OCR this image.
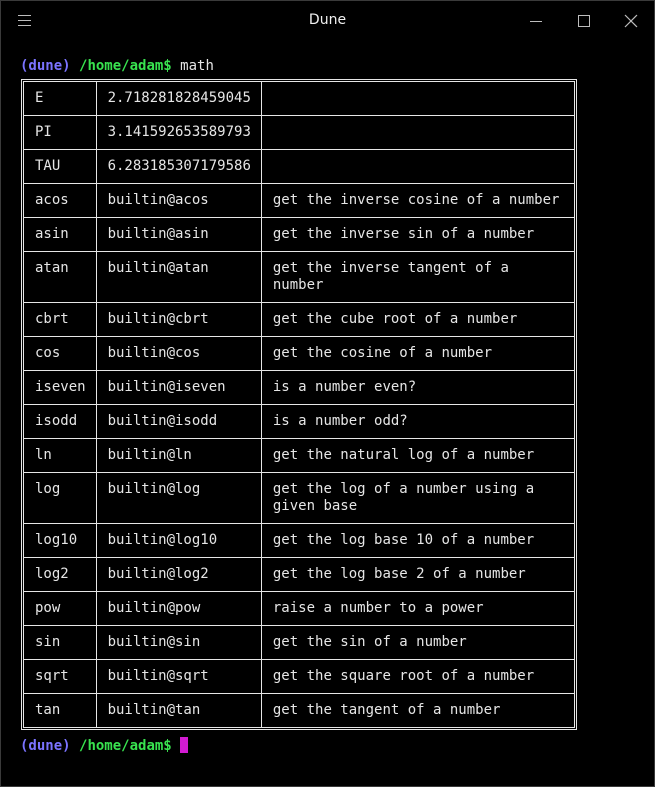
Dune
(dune) /home/adam$ math
E	2.718281828459045	
PI	3.141592653589793	
TAU	6.283185307179586	
acos	builtin@acos	get the inverse cosine of a number
asin	builtin@asin	get the inverse sin of a number
atan	builtin@atan	get the inverse tangent of a number
cbrt	builtin@cbrt	get the cube root of a number
cos	builtin@cos	get the cosine of a number
iseven	builtin@iseven	is a number even?
isodd	builtin@isodd	is a number odd?
ln	builtin@ln	get the natural log of a number
log	builtin@log	get the log of a number using a given base
log10	builtin@log10	get the log base 10 of a number
log2	builtin@log2	get the log base 2 of a number
pow	builtin@pow	raise a number to a power
sin	builtin@sin	get the sin of a number
sqrt	builtin@sqrt	get the square root of a number
tan	builtin@tan	get the tangent of a number
(dune) /home/adam$
